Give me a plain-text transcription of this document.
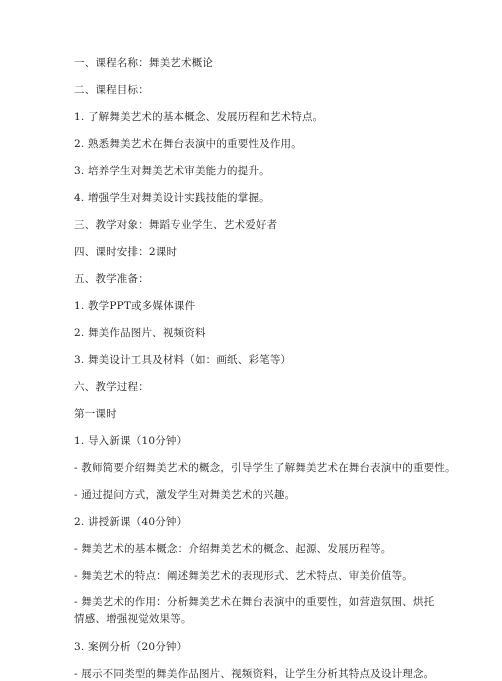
一、课程名称：舞美艺术概论
二、课程目标：
1. 了解舞美艺术的基本概念、发展历程和艺术特点。
2. 熟悉舞美艺术在舞台表演中的重要性及作用。
3. 培养学生对舞美艺术审美能力的提升。
4. 增强学生对舞美设计实践技能的掌握。
三、教学对象：舞蹈专业学生、艺术爱好者
四、课时安排：2课时
五、教学准备：
1. 教学PPT或多媒体课件
2. 舞美作品图片、视频资料
3. 舞美设计工具及材料（如：画纸、彩笔等）
六、教学过程：
第一课时
1. 导入新课（10分钟）
- 教师简要介绍舞美艺术的概念，引导学生了解舞美艺术在舞台表演中的重要性。
- 通过提问方式，激发学生对舞美艺术的兴趣。
2. 讲授新课（40分钟）
- 舞美艺术的基本概念：介绍舞美艺术的概念、起源、发展历程等。
- 舞美艺术的特点：阐述舞美艺术的表现形式、艺术特点、审美价值等。
- 舞美艺术的作用：分析舞美艺术在舞台表演中的重要性，如营造氛围、烘托情感、增强视觉效果等。
3. 案例分析（20分钟）
- 展示不同类型的舞美作品图片、视频资料，让学生分析其特点及设计理念。
